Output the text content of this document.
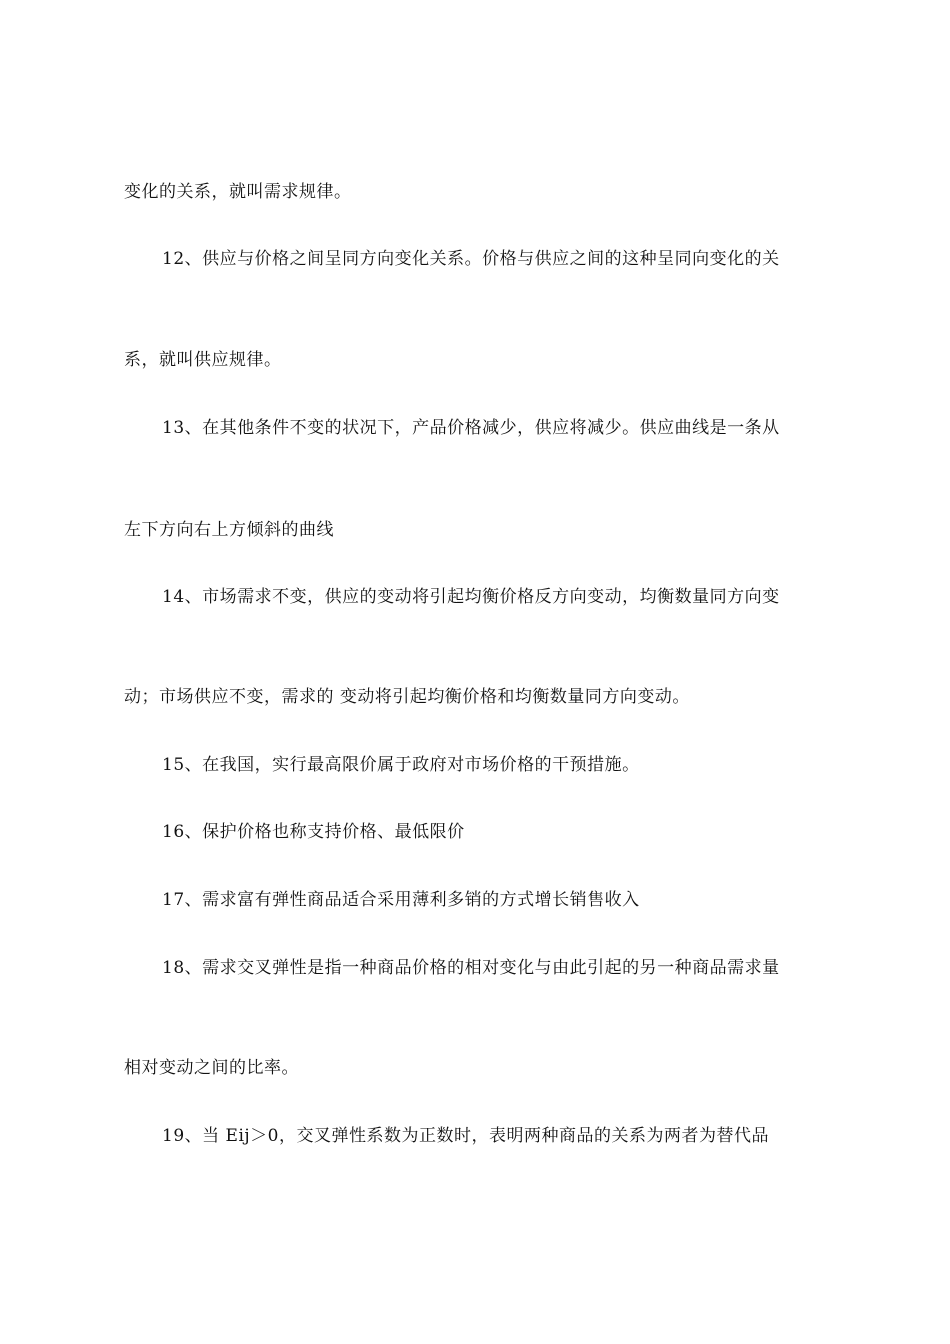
变化的关系，就叫需求规律。
12、供应与价格之间呈同方向变化关系。价格与供应之间的这种呈同向变化的关
系，就叫供应规律。
13、在其他条件不变的状况下，产品价格减少，供应将减少。供应曲线是一条从
左下方向右上方倾斜的曲线
14、市场需求不变，供应的变动将引起均衡价格反方向变动，均衡数量同方向变
动；市场供应不变，需求的 变动将引起均衡价格和均衡数量同方向变动。
15、在我国，实行最高限价属于政府对市场价格的干预措施。
16、保护价格也称支持价格、最低限价
17、需求富有弹性商品适合采用薄利多销的方式增长销售收入
18、需求交叉弹性是指一种商品价格的相对变化与由此引起的另一种商品需求量
相对变动之间的比率。
19、当 Eij＞0，交叉弹性系数为正数时，表明两种商品的关系为两者为替代品
